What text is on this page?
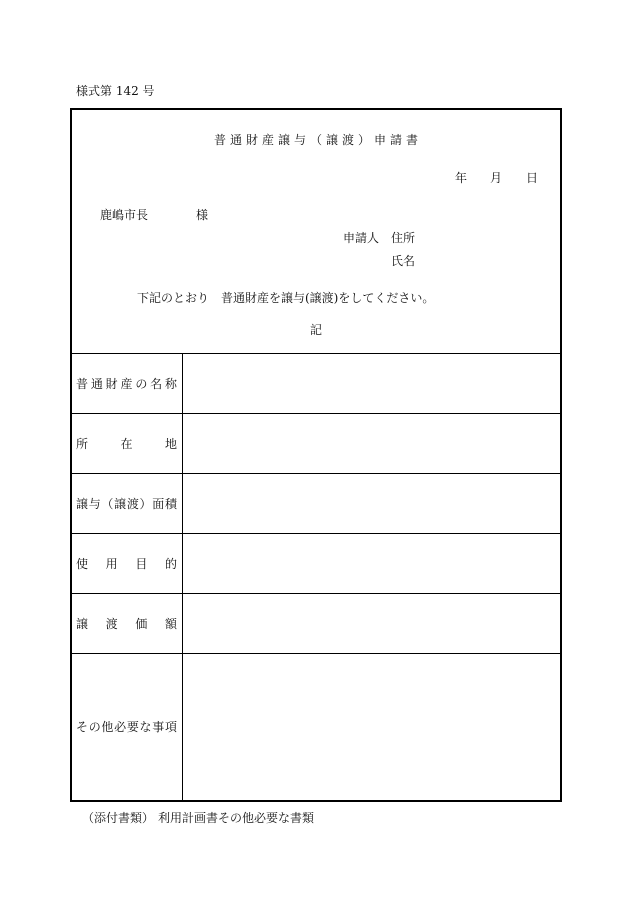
様式第 142 号
普通財産譲与（譲渡）申請書
年 月 日
鹿嶋市長	様
申請人　住所
氏名
下記のとおり　普通財産を譲与(譲渡)をしてください。
記
普通財産の名称
所在地
譲与（譲渡）面積
使用目的
譲渡価額
その他必要な事項
（添付書類） 利用計画書その他必要な書類
